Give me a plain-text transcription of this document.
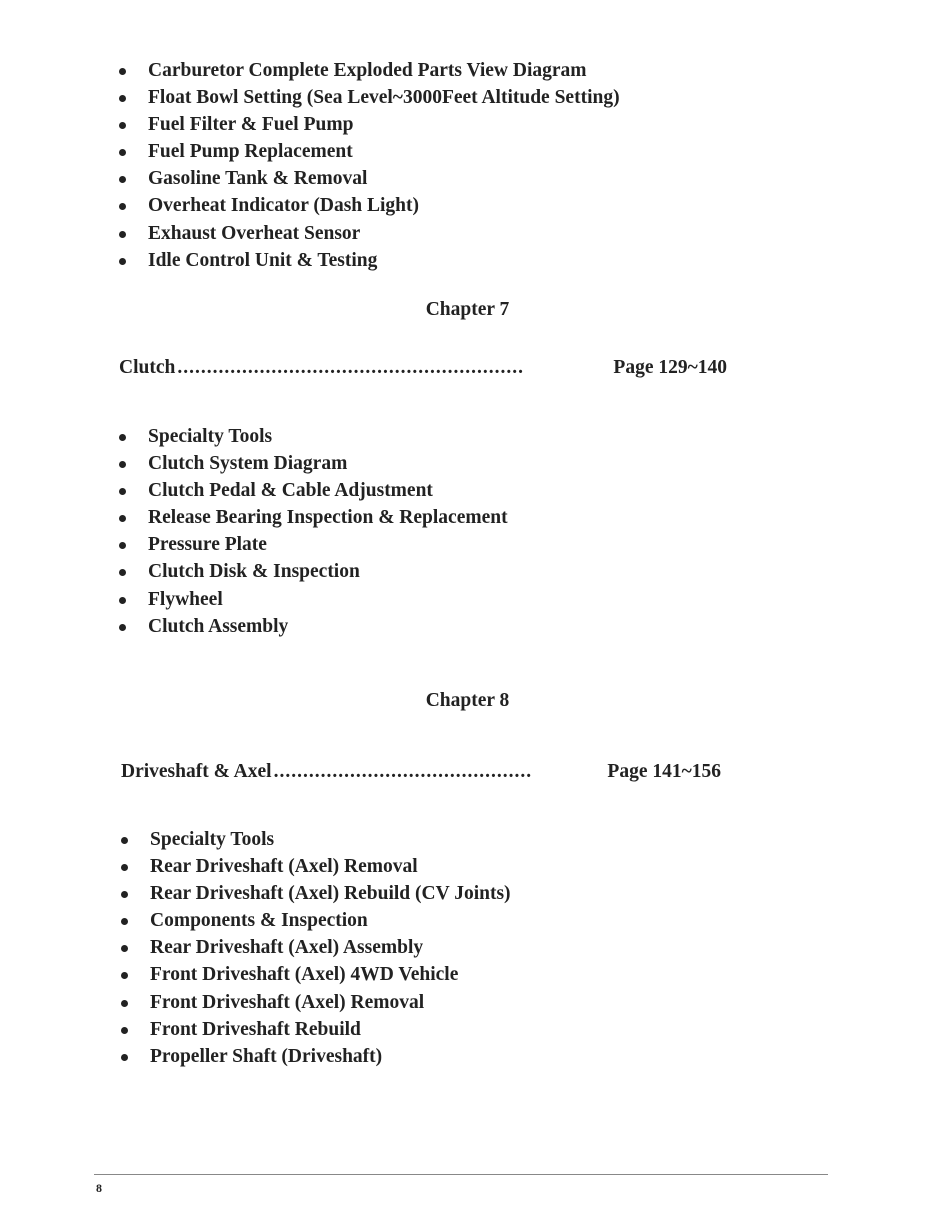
Carburetor Complete Exploded Parts View Diagram
Float Bowl Setting (Sea Level~3000Feet Altitude Setting)
Fuel Filter & Fuel Pump
Fuel Pump Replacement
Gasoline Tank & Removal
Overheat Indicator (Dash Light)
Exhaust Overheat Sensor
Idle Control Unit & Testing
Chapter 7
Clutch ...........................................................	Page 129~140
Specialty Tools
Clutch System Diagram
Clutch Pedal & Cable Adjustment
Release Bearing Inspection & Replacement
Pressure Plate
Clutch Disk & Inspection
Flywheel
Clutch Assembly
Chapter 8
Driveshaft & Axel ............................................	Page 141~156
Specialty Tools
Rear Driveshaft (Axel) Removal
Rear Driveshaft (Axel) Rebuild (CV Joints)
Components & Inspection
Rear Driveshaft (Axel) Assembly
Front Driveshaft (Axel) 4WD Vehicle
Front Driveshaft (Axel) Removal
Front Driveshaft Rebuild
Propeller Shaft (Driveshaft)
8
